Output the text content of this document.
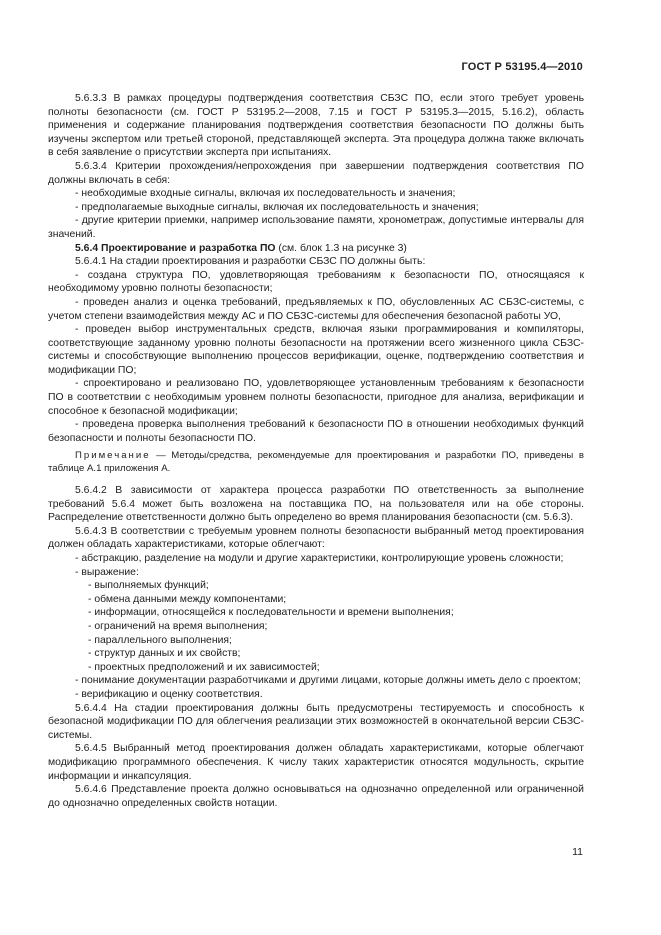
ГОСТ Р 53195.4—2010

5.6.3.3 В рамках процедуры подтверждения соответствия СБЗС ПО, если этого требует уровень полноты безопасности (см. ГОСТ Р 53195.2—2008, 7.15 и ГОСТ Р 53195.3—2015, 5.16.2), область применения и содержание планирования подтверждения соответствия безопасности ПО должны быть изучены экспертом или третьей стороной, представляющей эксперта. Эта процедура должна также включать в себя заявление о присутствии эксперта при испытаниях.

5.6.3.4 Критерии прохождения/непрохождения при завершении подтверждения соответствия ПО должны включать в себя:

- необходимые входные сигналы, включая их последовательность и значения;

- предполагаемые выходные сигналы, включая их последовательность и значения;

- другие критерии приемки, например использование памяти, хронометраж, допустимые интервалы для значений.

5.6.4 Проектирование и разработка ПО (см. блок 1.3 на рисунке 3)

5.6.4.1 На стадии проектирования и разработки СБЗС ПО должны быть:

- создана структура ПО, удовлетворяющая требованиям к безопасности ПО, относящаяся к необходимому уровню полноты безопасности;

- проведен анализ и оценка требований, предъявляемых к ПО, обусловленных АС СБЗС-системы, с учетом степени взаимодействия между АС и ПО СБЗС-системы для обеспечения безопасной работы УО,

- проведен выбор инструментальных средств, включая языки программирования и компиляторы, соответствующие заданному уровню полноты безопасности на протяжении всего жизненного цикла СБЗС-системы и способствующие выполнению процессов верификации, оценке, подтверждению соответствия и модификации ПО;

- спроектировано и реализовано ПО, удовлетворяющее установленным требованиям к безопасности ПО в соответствии с необходимым уровнем полноты безопасности, пригодное для анализа, верификации и способное к безопасной модификации;

- проведена проверка выполнения требований к безопасности ПО в отношении необходимых функций безопасности и полноты безопасности ПО.

Примечание — Методы/средства, рекомендуемые для проектирования и разработки ПО, приведены в таблице А.1 приложения А.

5.6.4.2 В зависимости от характера процесса разработки ПО ответственность за выполнение требований 5.6.4 может быть возложена на поставщика ПО, на пользователя или на обе стороны. Распределение ответственности должно быть определено во время планирования безопасности (см. 5.6.3).

5.6.4.3 В соответствии с требуемым уровнем полноты безопасности выбранный метод проектирования должен обладать характеристиками, которые облегчают:

- абстракцию, разделение на модули и другие характеристики, контролирующие уровень сложности;

- выражение:

- выполняемых функций;

- обмена данными между компонентами;

- информации, относящейся к последовательности и времени выполнения;

- ограничений на время выполнения;

- параллельного выполнения;

- структур данных и их свойств;

- проектных предположений и их зависимостей;

- понимание документации разработчиками и другими лицами, которые должны иметь дело с проектом;

- верификацию и оценку соответствия.

5.6.4.4 На стадии проектирования должны быть предусмотрены тестируемость и способность к безопасной модификации ПО для облегчения реализации этих возможностей в окончательной версии СБЗС-системы.

5.6.4.5 Выбранный метод проектирования должен обладать характеристиками, которые облегчают модификацию программного обеспечения. К числу таких характеристик относятся модульность, скрытие информации и инкапсуляция.

5.6.4.6 Представление проекта должно основываться на однозначно определенной или ограниченной до однозначно определенных свойств нотации.

11
